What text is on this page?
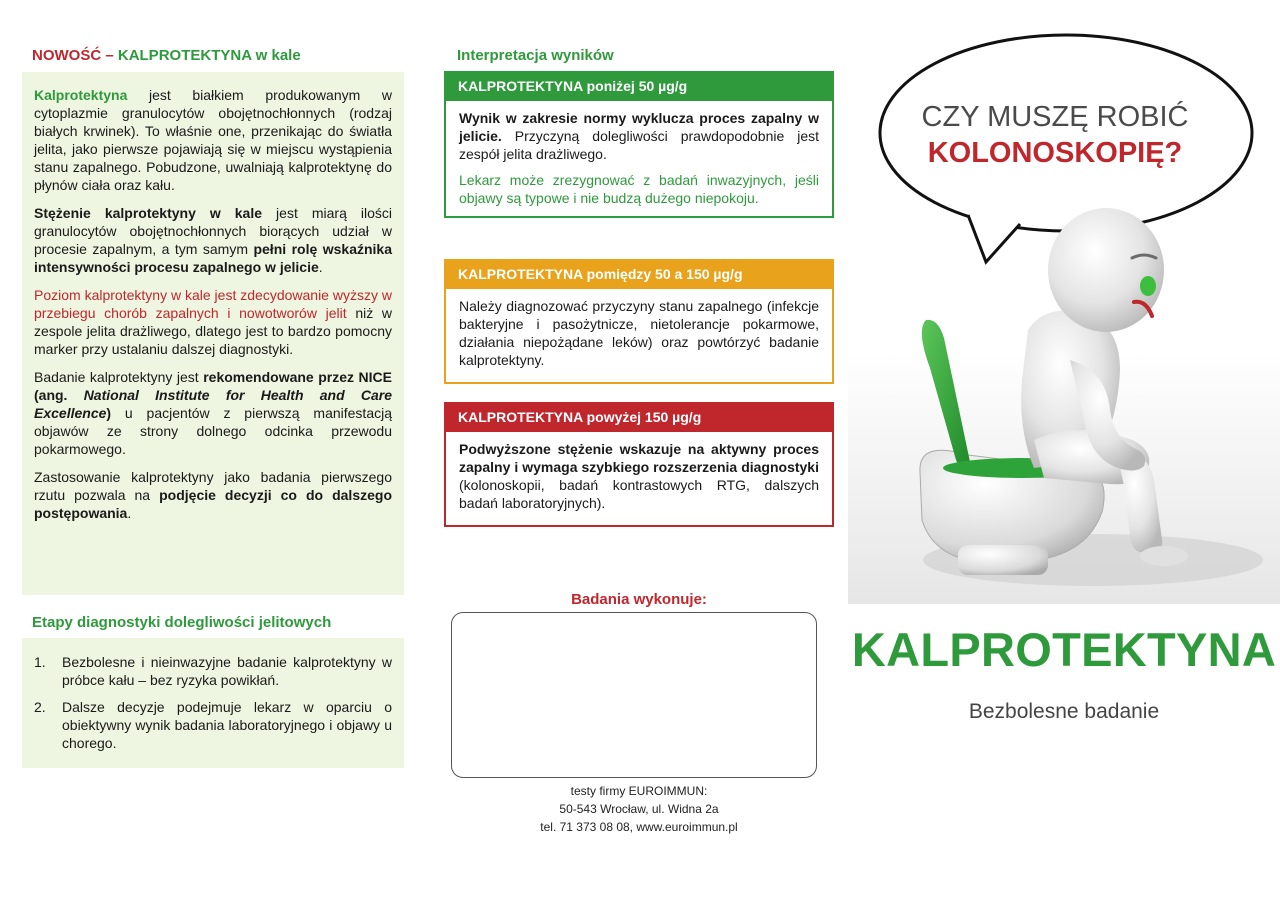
NOWOŚĆ – KALPROTEKTYNA w kale

Kalprotektyna jest białkiem produkowanym w cytoplazmie granulocytów obojętnochłonnych (rodzaj białych krwinek). To właśnie one, przenikając do światła jelita, jako pierwsze pojawiają się w miejscu wystąpienia stanu zapalnego. Pobudzone, uwalniają kalprotektynę do płynów ciała oraz kału.

Stężenie kalprotektyny w kale jest miarą ilości granulocytów obojętnochłonnych biorących udział w procesie zapalnym, a tym samym pełni rolę wskaźnika intensywności procesu zapalnego w jelicie.

Poziom kalprotektyny w kale jest zdecydowanie wyższy w przebiegu chorób zapalnych i nowotworów jelit niż w zespole jelita drażliwego, dlatego jest to bardzo pomocny marker przy ustalaniu dalszej diagnostyki.

Badanie kalprotektyny jest rekomendowane przez NICE (ang. National Institute for Health and Care Excellence) u pacjentów z pierwszą manifestacją objawów ze strony dolnego odcinka przewodu pokarmowego.

Zastosowanie kalprotektyny jako badania pierwszego rzutu pozwala na podjęcie decyzji co do dalszego postępowania.

Etapy diagnostyki dolegliwości jelitowych
1. Bezbolesne i nieinwazyjne badanie kalprotektyny w próbce kału – bez ryzyka powikłań.
2. Dalsze decyzje podejmuje lekarz w oparciu o obiektywny wynik badania laboratoryjnego i objawy u chorego.
Interpretacja wyników
KALPROTEKTYNA poniżej 50 µg/g

Wynik w zakresie normy wyklucza proces zapalny w jelicie. Przyczyną dolegliwości prawdopodobnie jest zespół jelita drażliwego.

Lekarz może zrezygnować z badań inwazyjnych, jeśli objawy są typowe i nie budzą dużego niepokoju.

KALPROTEKTYNA pomiędzy 50 a 150 µg/g

Należy diagnozować przyczyny stanu zapalnego (infekcje bakteryjne i pasożytnicze, nietolerancje pokarmowe, działania niepożądane leków) oraz powtórzyć badanie kalprotektyny.

KALPROTEKTYNA powyżej 150 µg/g

Podwyższone stężenie wskazuje na aktywny proces zapalny i wymaga szybkiego rozszerzenia diagnostyki (kolonoskopii, badań kontrastowych RTG, dalszych badań laboratoryjnych).

Badania wykonuje:
testy firmy EUROIMMUN:
50-543 Wrocław, ul. Widna 2a
tel. 71 373 08 08, www.euroimmun.pl
CZY MUSZĘ ROBIĆ
KOLONOSKOPIĘ?
KALPROTEKTYNA
Bezbolesne badanie
